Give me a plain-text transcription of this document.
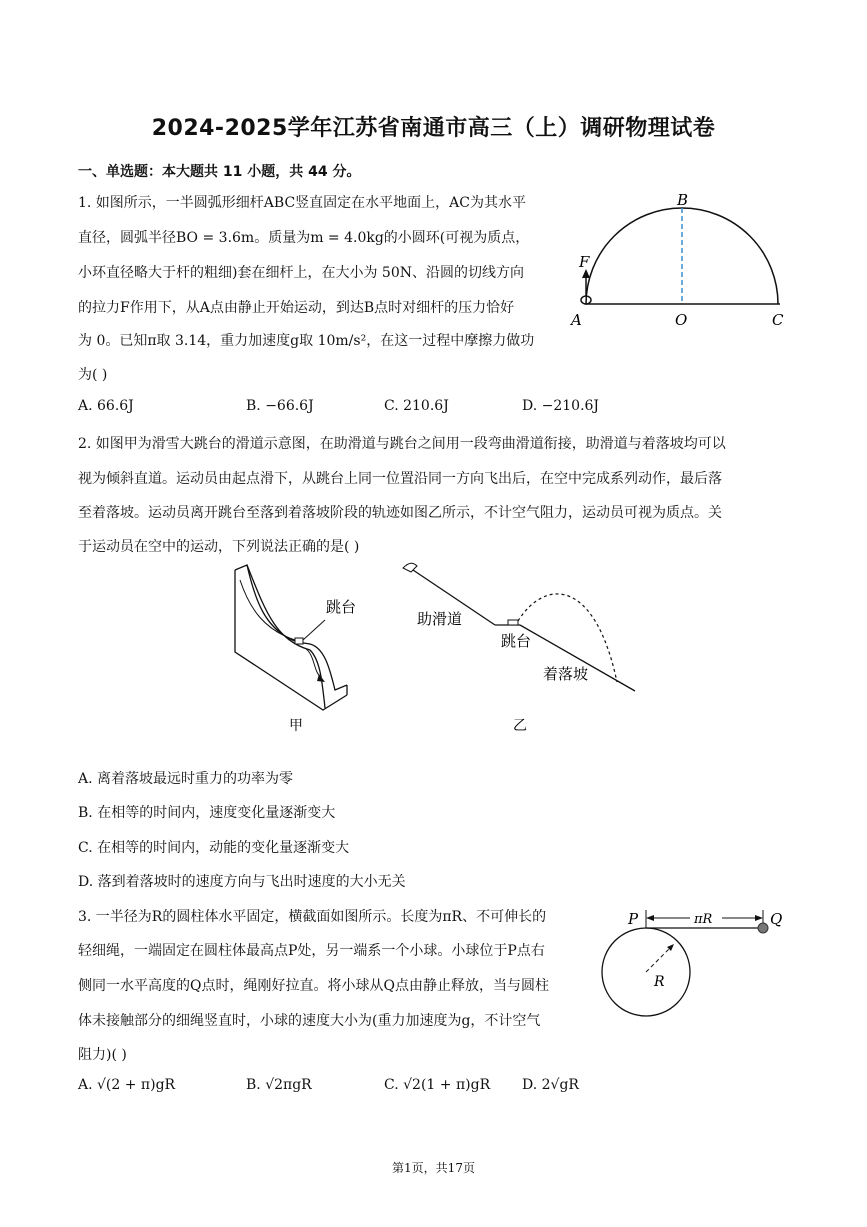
2024-2025学年江苏省南通市高三（上）调研物理试卷
一、单选题：本大题共 11 小题，共 44 分。
1. 如图所示，一半圆弧形细杆ABC竖直固定在水平地面上，AC为其水平
直径，圆弧半径BO = 3.6m。质量为m = 4.0kg的小圆环(可视为质点，
小环直径略大于杆的粗细)套在细杆上，在大小为 50N、沿圆的切线方向
的拉力F作用下，从A点由静止开始运动，到达B点时对细杆的压力恰好
为 0。已知π取 3.14，重力加速度g取 10m/s²，在这一过程中摩擦力做功
为( )
A. 66.6J	B. −66.6J	C. 210.6J	D. −210.6J
F
A	O	C
B
2. 如图甲为滑雪大跳台的滑道示意图，在助滑道与跳台之间用一段弯曲滑道衔接，助滑道与着落坡均可以
视为倾斜直道。运动员由起点滑下，从跳台上同一位置沿同一方向飞出后，在空中完成系列动作，最后落
至着落坡。运动员离开跳台至落到着落坡阶段的轨迹如图乙所示，不计空气阻力，运动员可视为质点。关
于运动员在空中的运动，下列说法正确的是( )
跳台
甲
助滑道
跳台
着落坡
乙
A. 离着落坡最远时重力的功率为零
B. 在相等的时间内，速度变化量逐渐变大
C. 在相等的时间内，动能的变化量逐渐变大
D. 落到着落坡时的速度方向与飞出时速度的大小无关
3. 一半径为R的圆柱体水平固定，横截面如图所示。长度为πR、不可伸长的
轻细绳，一端固定在圆柱体最高点P处，另一端系一个小球。小球位于P点右
侧同一水平高度的Q点时，绳刚好拉直。将小球从Q点由静止释放，当与圆柱
体未接触部分的细绳竖直时，小球的速度大小为(重力加速度为g，不计空气
阻力)( )
A. √(2 + π)gR	B. √2πgR	C. √2(1 + π)gR D. 2√gR
P	Q
πR
R
第1页，共17页
